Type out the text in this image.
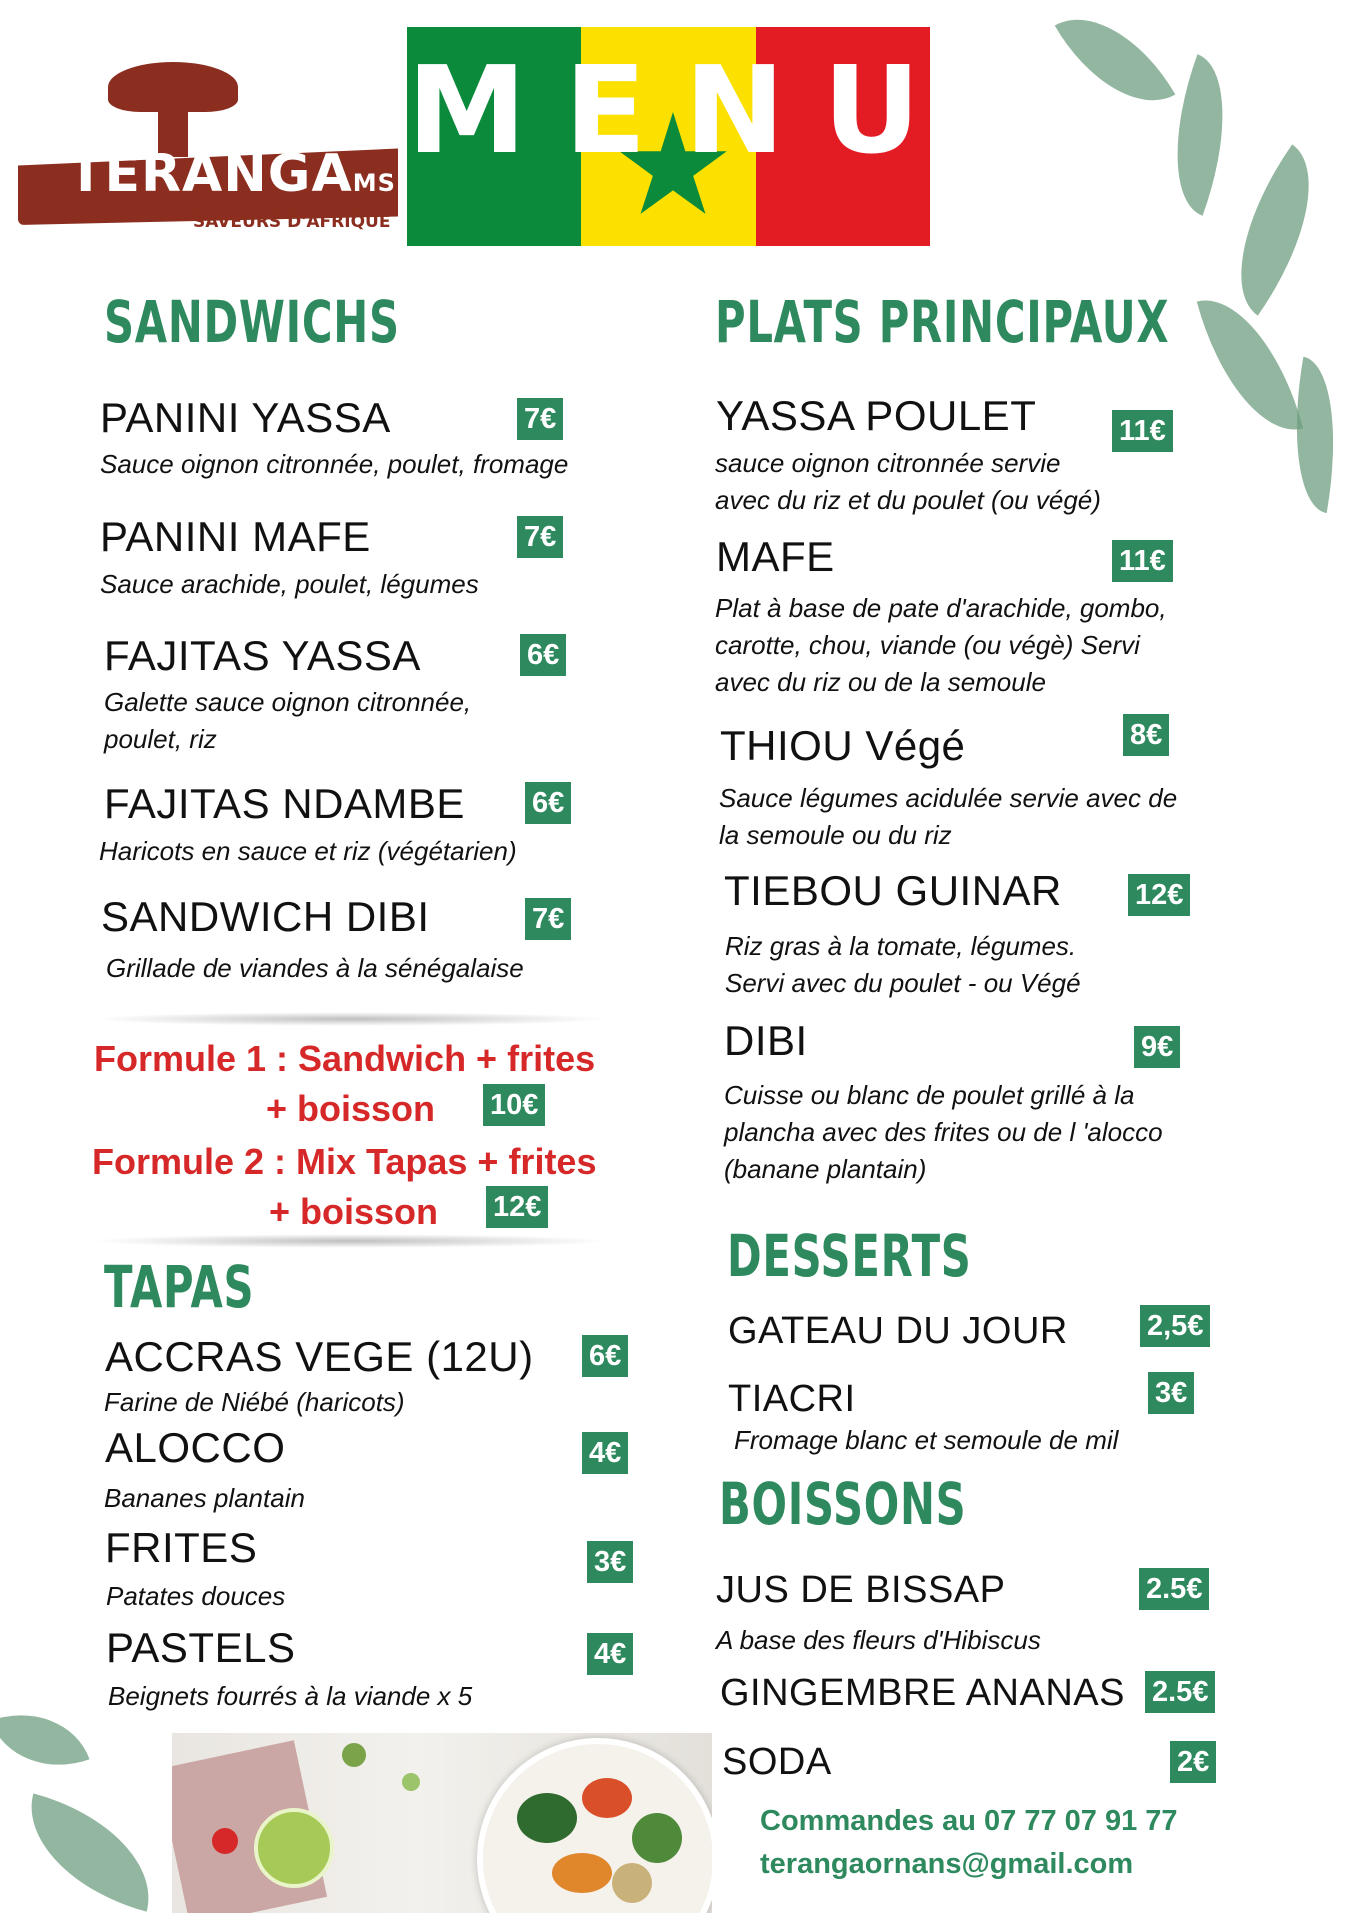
TERANGAMS
SAVEURS D'AFRIQUE
MENU
SANDWICHS
PANINI YASSA	7€
Sauce oignon citronnée, poulet, fromage
PANINI MAFE	7€
Sauce arachide, poulet, légumes
FAJITAS YASSA	6€
Galette sauce oignon citronnée,
poulet, riz
FAJITAS NDAMBE 6€
Haricots en sauce et riz (végétarien)
SANDWICH DIBI	7€
Grillade de viandes à la sénégalaise
Formule 1 : Sandwich + frites
+ boisson 10€
Formule 2 : Mix Tapas + frites
+ boisson 12€
TAPAS
ACCRAS VEGE (12U) 6€
Farine de Niébé (haricots)
ALOCCO	4€
Bananes plantain
FRITES	3€
Patates douces
PASTELS	4€
Beignets fourrés à la viande x 5
PLATS PRINCIPAUX
YASSA POULET	11€
sauce oignon citronnée servie
avec du riz et du poulet (ou végé)
MAFE	11€
Plat à base de pate d'arachide, gombo,
carotte, chou, viande (ou végè) Servi
avec du riz ou de la semoule
THIOU Végé	8€
Sauce légumes acidulée servie avec de
la semoule ou du riz
TIEBOU GUINAR	12€
Riz gras à la tomate, légumes.
Servi avec du poulet - ou Végé
DIBI	9€
Cuisse ou blanc de poulet grillé à la
plancha avec des frites ou de l 'alocco
(banane plantain)
DESSERTS
GATEAU DU JOUR	2,5€
TIACRI	3€
Fromage blanc et semoule de mil
BOISSONS
JUS DE BISSAP	2.5€
A base des fleurs d'Hibiscus
GINGEMBRE ANANAS 2.5€
SODA	2€
Commandes au 07 77 07 91 77
terangaornans@gmail.com
